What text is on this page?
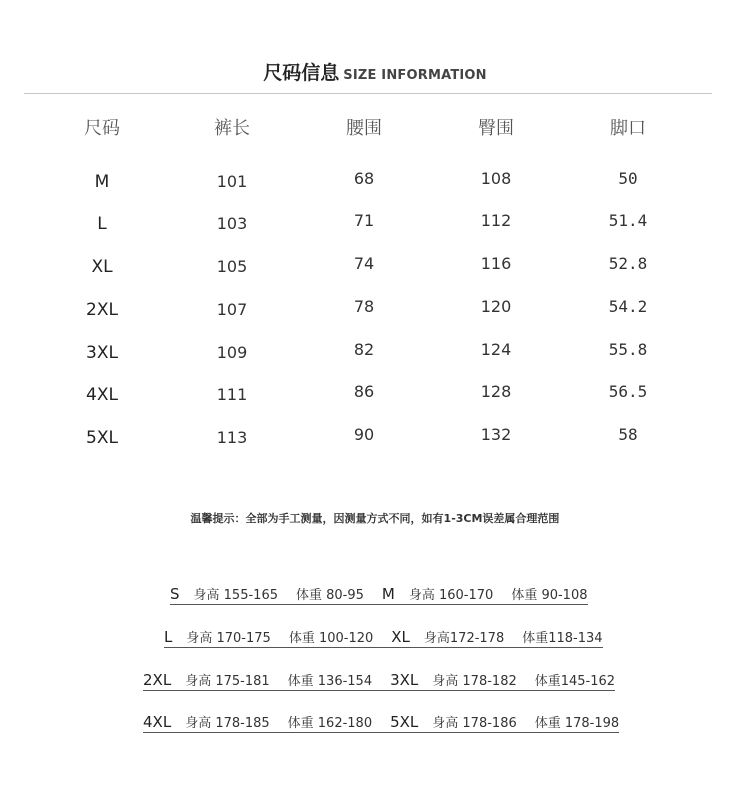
尺码信息 SIZE INFORMATION
尺码	裤长	腰围	臀围	脚口
M	101	68	108	50
L	103	71	112	51.4
XL	105	74	116	52.8
2XL	107	78	120	54.2
3XL	109	82	124	55.8
4XL	111	86	128	56.5
5XL	113	90	132	58
温馨提示：全部为手工测量，因测量方式不同，如有1-3CM误差属合理范围
S 身高 155-165 体重 80-95 M 身高 160-170 体重 90-108
L 身高 170-175 体重 100-120 XL 身高172-178 体重118-134
2XL 身高 175-181 体重 136-154 3XL 身高 178-182 体重145-162
4XL 身高 178-185 体重 162-180 5XL 身高 178-186 体重 178-198
